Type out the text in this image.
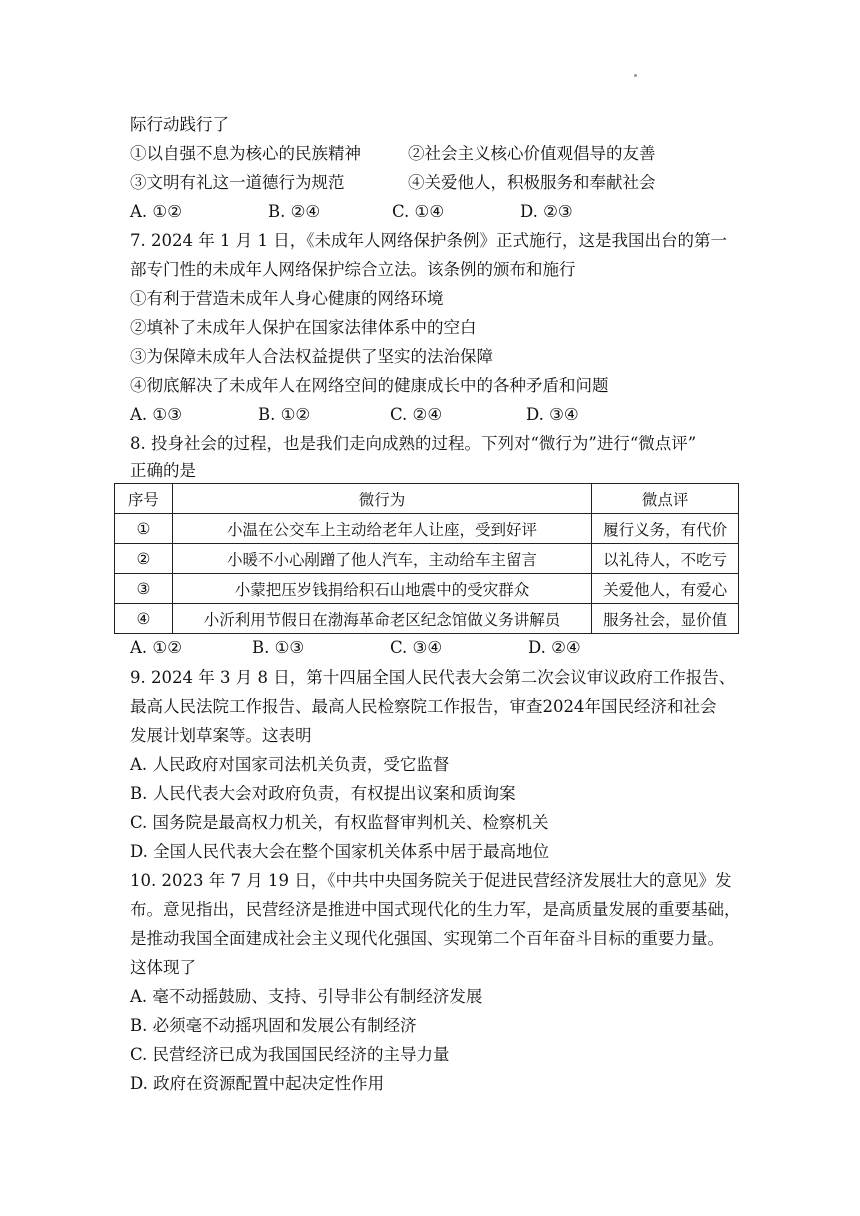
际行动践行了
①以自强不息为核心的民族精神	②社会主义核心价值观倡导的友善
③文明有礼这一道德行为规范	④关爱他人，积极服务和奉献社会
A. ①②	B. ②④	C. ①④	D. ②③
7. 2024 年 1 月 1 日，《未成年人网络保护条例》正式施行，这是我国出台的第一
部专门性的未成年人网络保护综合立法。该条例的颁布和施行
①有利于营造未成年人身心健康的网络环境
②填补了未成年人保护在国家法律体系中的空白
③为保障未成年人合法权益提供了坚实的法治保障
④彻底解决了未成年人在网络空间的健康成长中的各种矛盾和问题
A. ①③	B. ①②	C. ②④	D. ③④
8. 投身社会的过程，也是我们走向成熟的过程。下列对“微行为”进行“微点评”
正确的是
序号	微行为	微点评
①	小温在公交车上主动给老年人让座，受到好评	履行义务，有代价
②	小暖不小心剐蹭了他人汽车，主动给车主留言	以礼待人，不吃亏
③	小蒙把压岁钱捐给积石山地震中的受灾群众	关爱他人，有爱心
④	小沂利用节假日在渤海革命老区纪念馆做义务讲解员	服务社会，显价值
A. ①②	B. ①③	C. ③④	D. ②④
9. 2024 年 3 月 8 日，第十四届全国人民代表大会第二次会议审议政府工作报告、
最高人民法院工作报告、最高人民检察院工作报告，审查2024年国民经济和社会
发展计划草案等。这表明
A. 人民政府对国家司法机关负责，受它监督
B. 人民代表大会对政府负责，有权提出议案和质询案
C. 国务院是最高权力机关，有权监督审判机关、检察机关
D. 全国人民代表大会在整个国家机关体系中居于最高地位
10. 2023 年 7 月 19 日，《中共中央国务院关于促进民营经济发展壮大的意见》发
布。意见指出，民营经济是推进中国式现代化的生力军，是高质量发展的重要基础，
是推动我国全面建成社会主义现代化强国、实现第二个百年奋斗目标的重要力量。
这体现了
A. 毫不动摇鼓励、支持、引导非公有制经济发展
B. 必须毫不动摇巩固和发展公有制经济
C. 民营经济已成为我国国民经济的主导力量
D. 政府在资源配置中起决定性作用
